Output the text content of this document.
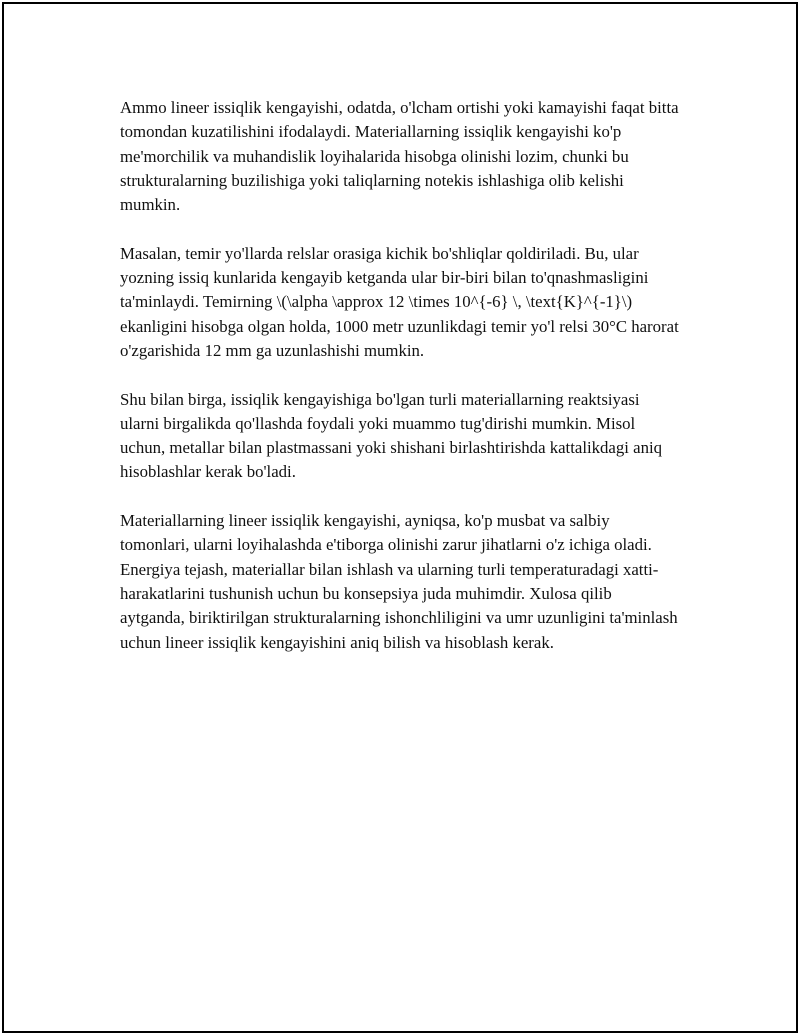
Ammo lineer issiqlik kengayishi, odatda, o'lcham ortishi yoki kamayishi faqat bitta tomondan kuzatilishini ifodalaydi. Materiallarning issiqlik kengayishi ko'p me'morchilik va muhandislik loyihalarida hisobga olinishi lozim, chunki bu strukturalarning buzilishiga yoki taliqlarning notekis ishlashiga olib kelishi mumkin.

Masalan, temir yo'llarda relslar orasiga kichik bo'shliqlar qoldiriladi. Bu, ular yozning issiq kunlarida kengayib ketganda ular bir-biri bilan to'qnashmasligini ta'minlaydi. Temirning \(\alpha \approx 12 \times 10^{-6} \, \text{K}^{-1}\) ekanligini hisobga olgan holda, 1000 metr uzunlikdagi temir yo'l relsi 30°C harorat o'zgarishida 12 mm ga uzunlashishi mumkin.

Shu bilan birga, issiqlik kengayishiga bo'lgan turli materiallarning reaktsiyasi ularni birgalikda qo'llashda foydali yoki muammo tug'dirishi mumkin. Misol uchun, metallar bilan plastmassani yoki shishani birlashtirishda kattalikdagi aniq hisoblashlar kerak bo'ladi.

Materiallarning lineer issiqlik kengayishi, ayniqsa, ko'p musbat va salbiy tomonlari, ularni loyihalashda e'tiborga olinishi zarur jihatlarni o'z ichiga oladi. Energiya tejash, materiallar bilan ishlash va ularning turli temperaturadagi xatti-harakatlarini tushunish uchun bu konsepsiya juda muhimdir. Xulosa qilib aytganda, biriktirilgan strukturalarning ishonchliligini va umr uzunligini ta'minlash uchun lineer issiqlik kengayishini aniq bilish va hisoblash kerak.
